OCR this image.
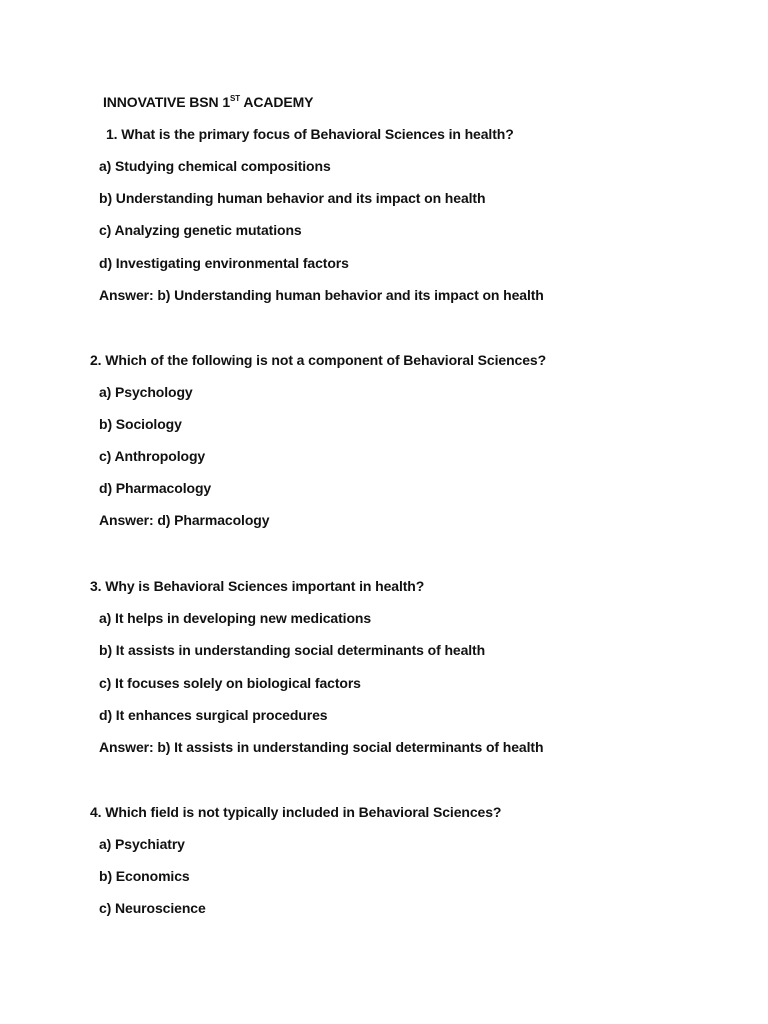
INNOVATIVE BSN 1ST ACADEMY
1. What is the primary focus of Behavioral Sciences in health?
a) Studying chemical compositions
b) Understanding human behavior and its impact on health
c) Analyzing genetic mutations
d) Investigating environmental factors
Answer: b) Understanding human behavior and its impact on health
2. Which of the following is not a component of Behavioral Sciences?
a) Psychology
b) Sociology
c) Anthropology
d) Pharmacology
Answer: d) Pharmacology
3. Why is Behavioral Sciences important in health?
a) It helps in developing new medications
b) It assists in understanding social determinants of health
c) It focuses solely on biological factors
d) It enhances surgical procedures
Answer: b) It assists in understanding social determinants of health
4. Which field is not typically included in Behavioral Sciences?
a) Psychiatry
b) Economics
c) Neuroscience
